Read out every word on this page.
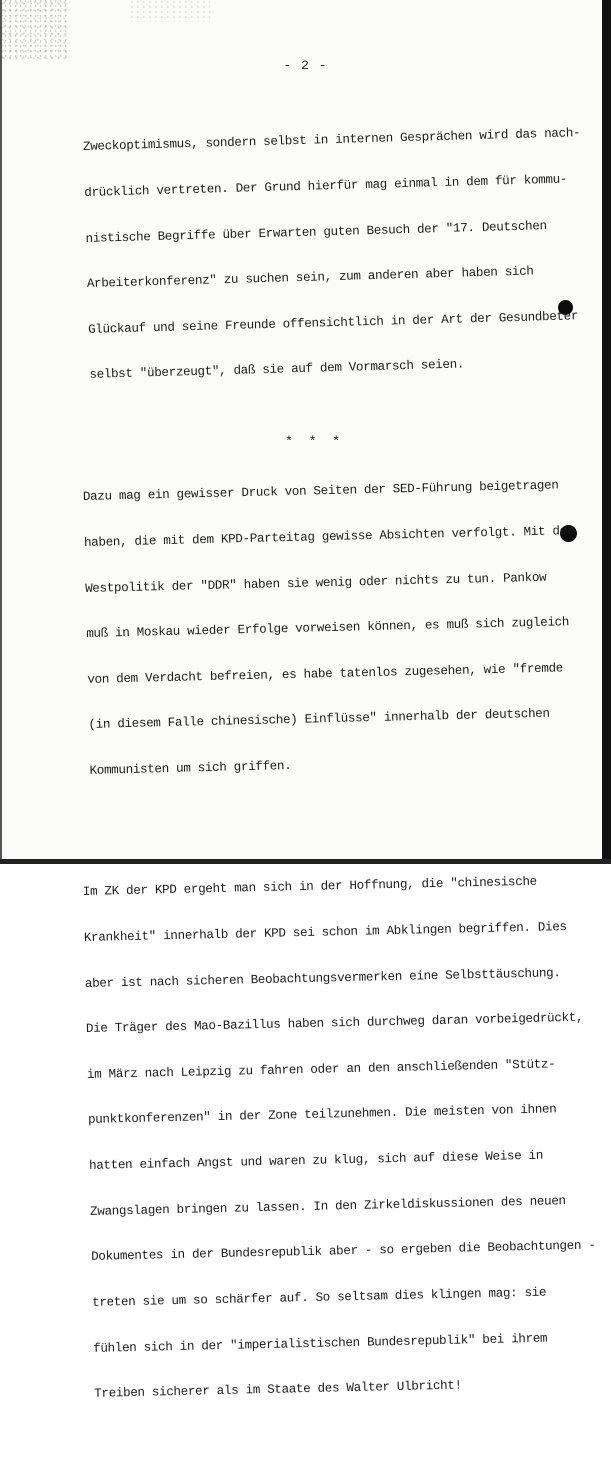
- 2 -

Zweckoptimismus, sondern selbst in internen Gesprächen wird das nach-

drücklich vertreten. Der Grund hierfür mag einmal in dem für kommu-

nistische Begriffe über Erwarten guten Besuch der "17. Deutschen

Arbeiterkonferenz" zu suchen sein, zum anderen aber haben sich

Glückauf und seine Freunde offensichtlich in der Art der Gesundbeter

selbst "überzeugt", daß sie auf dem Vormarsch seien.

Dazu mag ein gewisser Druck von Seiten der SED-Führung beigetragen

haben, die mit dem KPD-Parteitag gewisse Absichten verfolgt. Mit der

Westpolitik der "DDR" haben sie wenig oder nichts zu tun. Pankow

muß in Moskau wieder Erfolge vorweisen können, es muß sich zugleich

von dem Verdacht befreien, es habe tatenlos zugesehen, wie "fremde

(in diesem Falle chinesische) Einflüsse" innerhalb der deutschen

Kommunisten um sich griffen.

Im ZK der KPD ergeht man sich in der Hoffnung, die "chinesische

Krankheit" innerhalb der KPD sei schon im Abklingen begriffen. Dies

aber ist nach sicheren Beobachtungsvermerken eine Selbsttäuschung.

Die Träger des Mao-Bazillus haben sich durchweg daran vorbeigedrückt,

im März nach Leipzig zu fahren oder an den anschließenden "Stütz-

punktkonferenzen" in der Zone teilzunehmen. Die meisten von ihnen

hatten einfach Angst und waren zu klug, sich auf diese Weise in

Zwangslagen bringen zu lassen. In den Zirkeldiskussionen des neuen

Dokumentes in der Bundesrepublik aber - so ergeben die Beobachtungen -

treten sie um so schärfer auf. So seltsam dies klingen mag: sie

fühlen sich in der "imperialistischen Bundesrepublik" bei ihrem

Treiben sicherer als im Staate des Walter Ulbricht!

* * *
